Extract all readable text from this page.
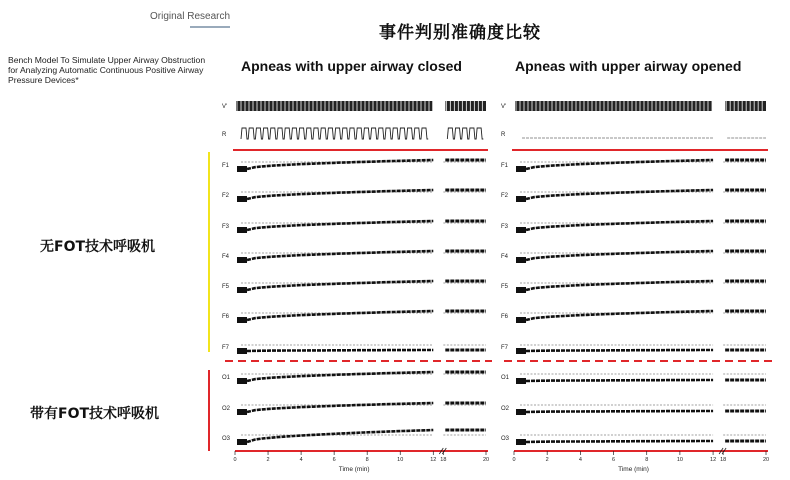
Original Research
Bench Model To Simulate Upper Airway Obstruction for Analyzing Automatic Continuous Positive Airway Pressure Devices*
事件判别准确度比较
Apneas with upper airway closed	Apneas with upper airway opened
无FOT技术呼吸机
带有FOT技术呼吸机
V'
R
F1
F2
F3
F4
F5
F6
F7
O1
O2
O3
0	2	4	6	8	10	12 18	20
Time (min)
V'
R
F1
F2
F3
F4
F5
F6
F7
O1
O2
O3
0	2	4	6	8	10	12 18	20
Time (min)
